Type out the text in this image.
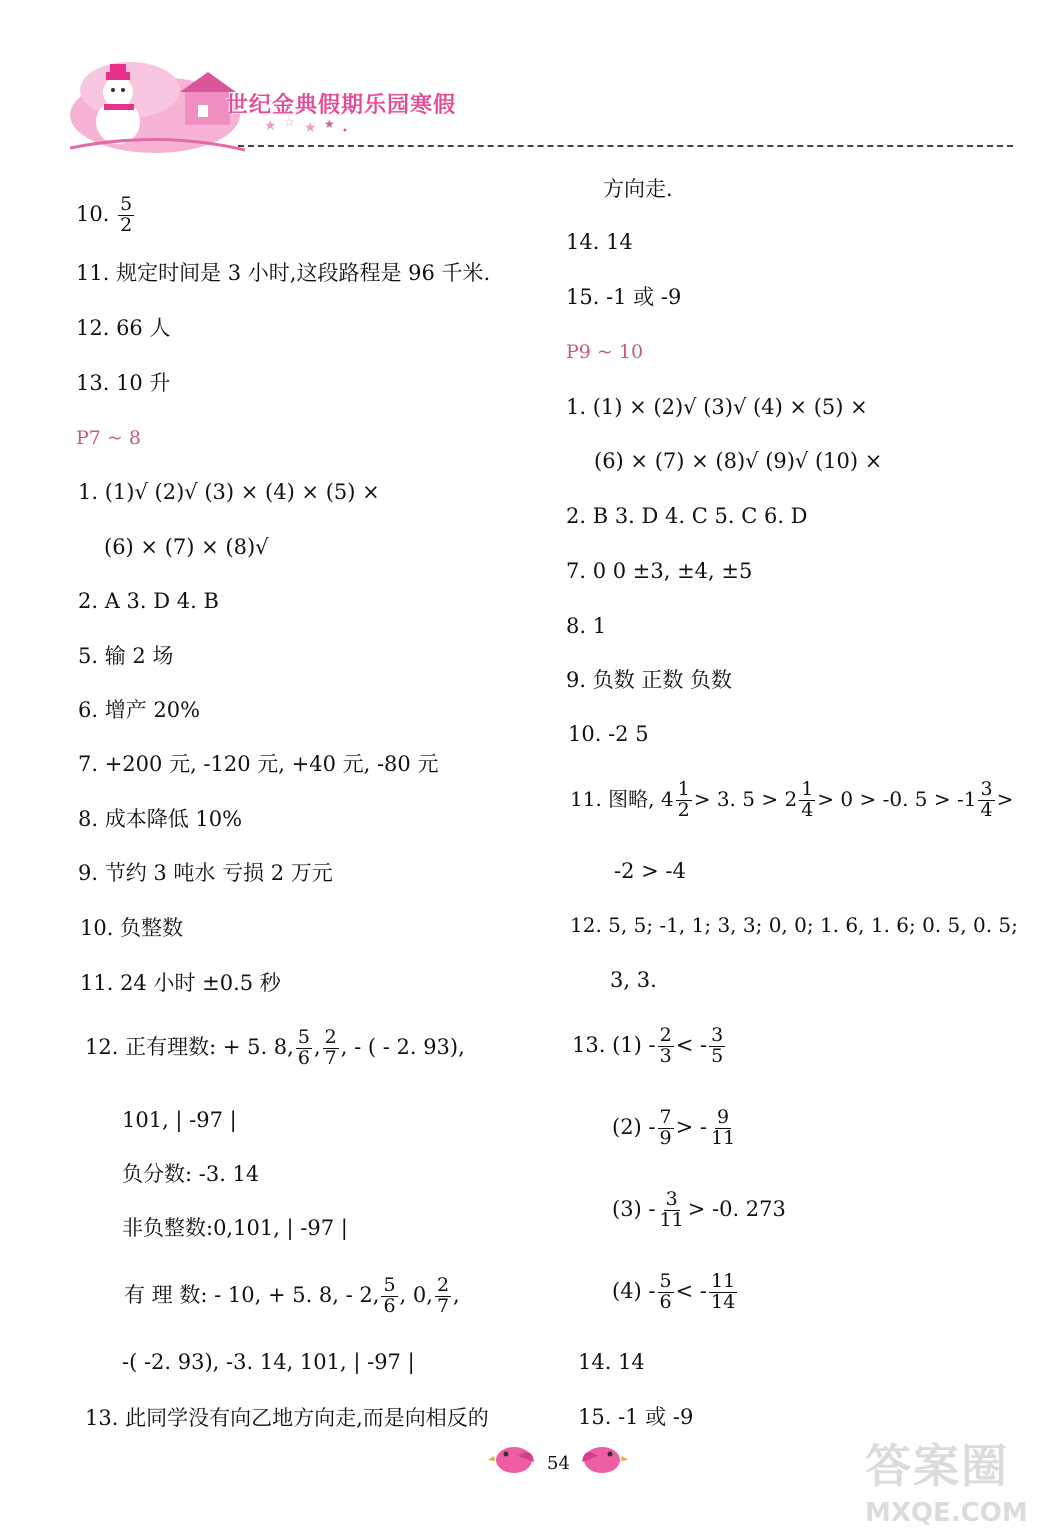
世纪金典假期乐园寒假
★ ☆ ★ ★
•
10. $\frac{5}{2}$
11. 规定时间是 3 小时,这段路程是 96 千米.
12. 66 人
13. 10 升
P7 ~ 8
1. (1)√ (2)√ (3) × (4) × (5) ×
(6) × (7) × (8)√
2. A 3. D 4. B
5. 输 2 场
6. 增产 20%
7. +200 元, -120 元, +40 元, -80 元
8. 成本降低 10%
9. 节约 3 吨水 亏损 2 万元
10. 负整数
11. 24 小时 ±0.5 秒
12. 正有理数: + 5. 8, $\frac{5}{6}$ , $\frac{2}{7}$ , - ( - 2. 93),
101, | -97 |
负分数: -3. 14
非负整数:0,101, | -97 |
有 理 数: - 10, + 5. 8, - 2, $\frac{5}{6}$ , 0, $\frac{2}{7}$ ,
-( -2. 93), -3. 14, 101, | -97 |
13. 此同学没有向乙地方向走,而是向相反的
方向走.
14. 14
15. -1 或 -9
P9 ~ 10
1. (1) × (2)√ (3)√ (4) × (5) ×
(6) × (7) × (8)√ (9)√ (10) ×
2. B 3. D 4. C 5. C 6. D
7. 0 0 ±3, ±4, ±5
8. 1
9. 负数 正数 负数
10. -2 5
11. 图略, $4 \frac{1}{2} > 3$. $5 > 2 \frac{1}{4} > 0 > -0$. $5 > -1 \frac{3}{4}$ >
-2 > -4
12. 5, 5; -1, 1; 3, 3; 0, 0; 1. 6, 1. 6; 0. 5, 0. 5;
3, 3.
13. $(1) - \frac{2}{3}$ < - $\frac{3}{5}$
$(2) - \frac{7}{9}$ > - $\frac{9}{11}$
$(3) - \frac{3}{11} > -0$. 273
$(4) - \frac{5}{6}$ < - $\frac{11}{14}$
14. 14
15. -1 或 -9
54	答案圈
MXQE.COM
